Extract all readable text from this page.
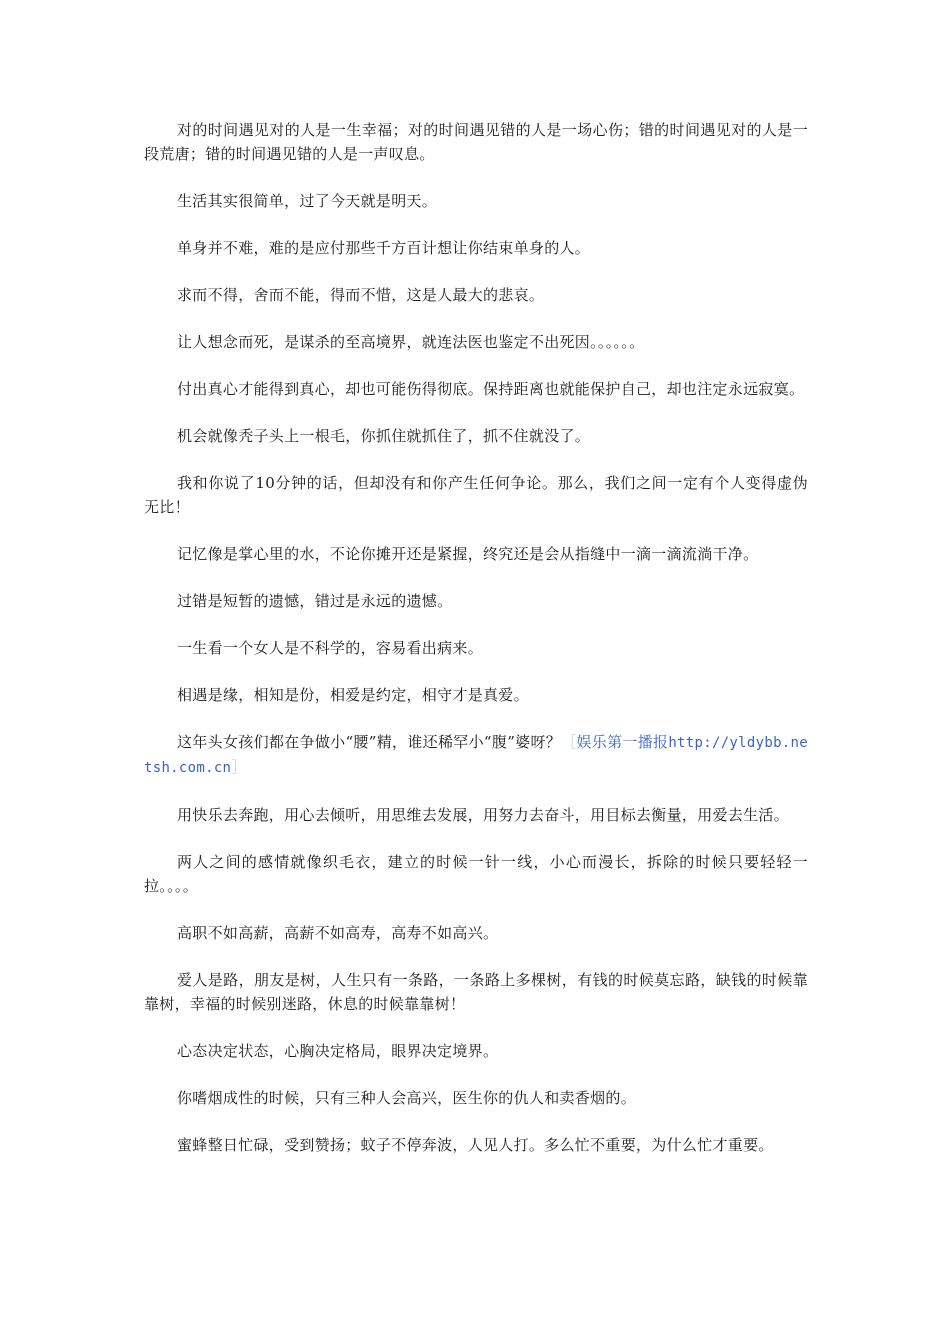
对的时间遇见对的人是一生幸福；对的时间遇见错的人是一场心伤；错的时间遇见对的人是一段荒唐；错的时间遇见错的人是一声叹息。

生活其实很简单，过了今天就是明天。

单身并不难，难的是应付那些千方百计想让你结束单身的人。

求而不得，舍而不能，得而不惜，这是人最大的悲哀。

让人想念而死，是谋杀的至高境界，就连法医也鉴定不出死因。。。。。。

付出真心才能得到真心，却也可能伤得彻底。保持距离也就能保护自己，却也注定永远寂寞。

机会就像秃子头上一根毛，你抓住就抓住了，抓不住就没了。

我和你说了10分钟的话，但却没有和你产生任何争论。那么，我们之间一定有个人变得虚伪无比！

记忆像是掌心里的水，不论你摊开还是紧握，终究还是会从指缝中一滴一滴流淌干净。

过错是短暂的遗憾，错过是永远的遗憾。

一生看一个女人是不科学的，容易看出病来。

相遇是缘，相知是份，相爱是约定，相守才是真爱。

这年头女孩们都在争做小“腰”精，谁还稀罕小“腹”婆呀？［娱乐第一播报http://yldybb.netsh.com.cn］

用快乐去奔跑，用心去倾听，用思维去发展，用努力去奋斗，用目标去衡量，用爱去生活。

两人之间的感情就像织毛衣，建立的时候一针一线，小心而漫长，拆除的时候只要轻轻一拉。。。。

高职不如高薪，高薪不如高寿，高寿不如高兴。

爱人是路，朋友是树，人生只有一条路，一条路上多棵树，有钱的时候莫忘路，缺钱的时候靠靠树，幸福的时候别迷路，休息的时候靠靠树！

心态决定状态，心胸决定格局，眼界决定境界。

你嗜烟成性的时候，只有三种人会高兴，医生你的仇人和卖香烟的。

蜜蜂整日忙碌，受到赞扬；蚊子不停奔波，人见人打。多么忙不重要，为什么忙才重要。
